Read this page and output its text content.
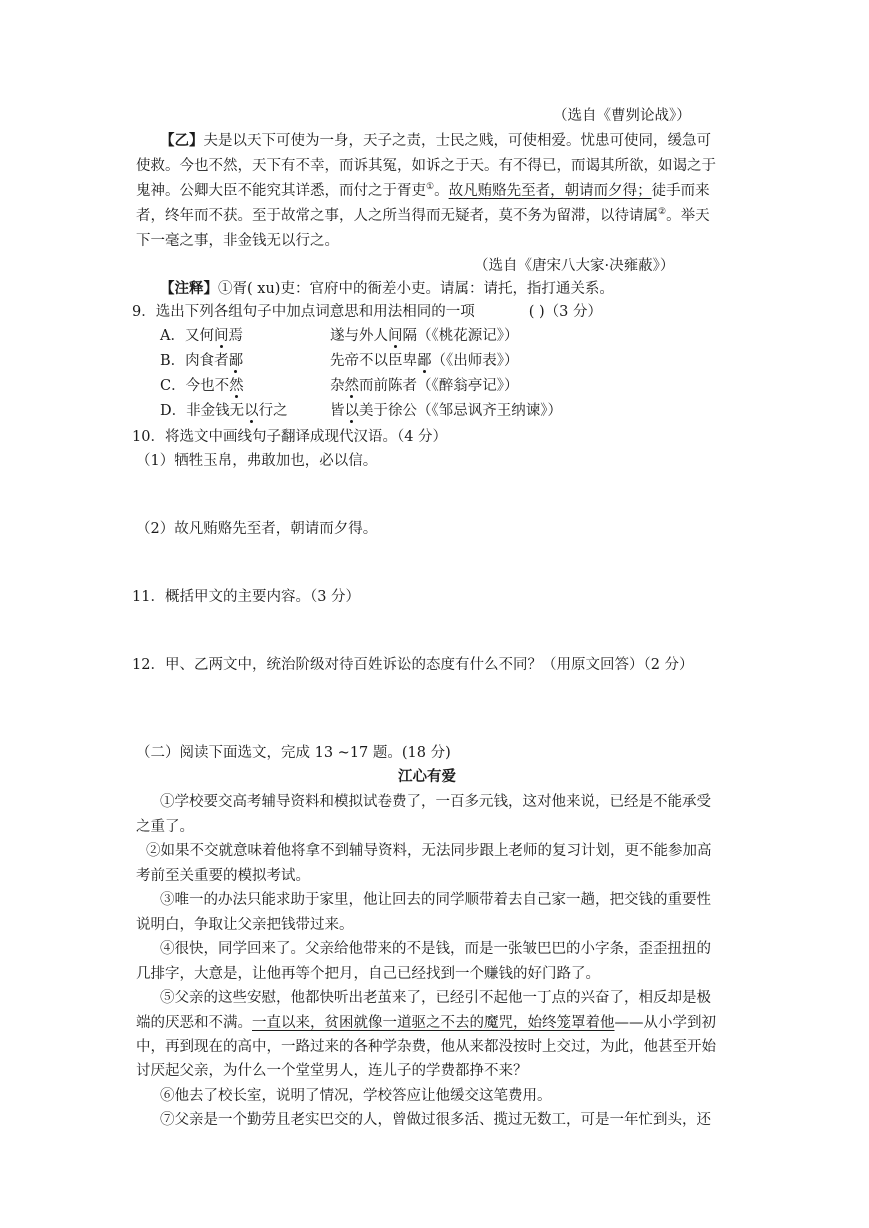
（选自《曹刿论战》）
【乙】夫是以天下可使为一身，天子之责，士民之贱，可使相爱。忧患可使同，缓急可
使救。今也不然，天下有不幸，而诉其冤，如诉之于天。有不得已，而谒其所欲，如谒之于
鬼神。公卿大臣不能究其详悉，而付之于胥吏①。故凡贿赂先至者，朝请而夕得；徒手而来
者，终年而不获。至于故常之事，人之所当得而无疑者，莫不务为留滞，以待请属②。举天
下一毫之事，非金钱无以行之。
（选自《唐宋八大家·决雍蔽》）
【注释】①胥( xu)吏：官府中的衙差小吏。请属：请托，指打通关系。
9．选出下列各组句子中加点词意思和用法相同的一项	( )（3 分）
A．又何间焉	遂与外人间隔（《桃花源记》）
B．肉食者鄙	先帝不以臣卑鄙（《出师表》）
C．今也不然	杂然而前陈者（《醉翁亭记》）
D．非金钱无以行之	皆以美于徐公（《邹忌讽齐王纳谏》）
10．将选文中画线句子翻译成现代汉语。（4 分）
（1）牺牲玉帛，弗敢加也，必以信。
（2）故凡贿赂先至者，朝请而夕得。
11．概括甲文的主要内容。（3 分）
12．甲、乙两文中，统治阶级对待百姓诉讼的态度有什么不同？（用原文回答）（2 分）
（二）阅读下面选文，完成 13 ~17 题。(18 分)
江心有爱
①学校要交高考辅导资料和模拟试卷费了，一百多元钱，这对他来说，已经是不能承受
之重了。
②如果不交就意味着他将拿不到辅导资料，无法同步跟上老师的复习计划，更不能参加高
考前至关重要的模拟考试。
③唯一的办法只能求助于家里，他让回去的同学顺带着去自己家一趟，把交钱的重要性
说明白，争取让父亲把钱带过来。
④很快，同学回来了。父亲给他带来的不是钱，而是一张皱巴巴的小字条，歪歪扭扭的
几排字，大意是，让他再等个把月，自己已经找到一个赚钱的好门路了。
⑤父亲的这些安慰，他都快听出老茧来了，已经引不起他一丁点的兴奋了，相反却是极
端的厌恶和不满。一直以来，贫困就像一道驱之不去的魔咒，始终笼罩着他——从小学到初
中，再到现在的高中，一路过来的各种学杂费，他从来都没按时上交过，为此，他甚至开始
讨厌起父亲，为什么一个堂堂男人，连儿子的学费都挣不来？
⑥他去了校长室，说明了情况，学校答应让他缓交这笔费用。
⑦父亲是一个勤劳且老实巴交的人，曾做过很多活、揽过无数工，可是一年忙到头，还
